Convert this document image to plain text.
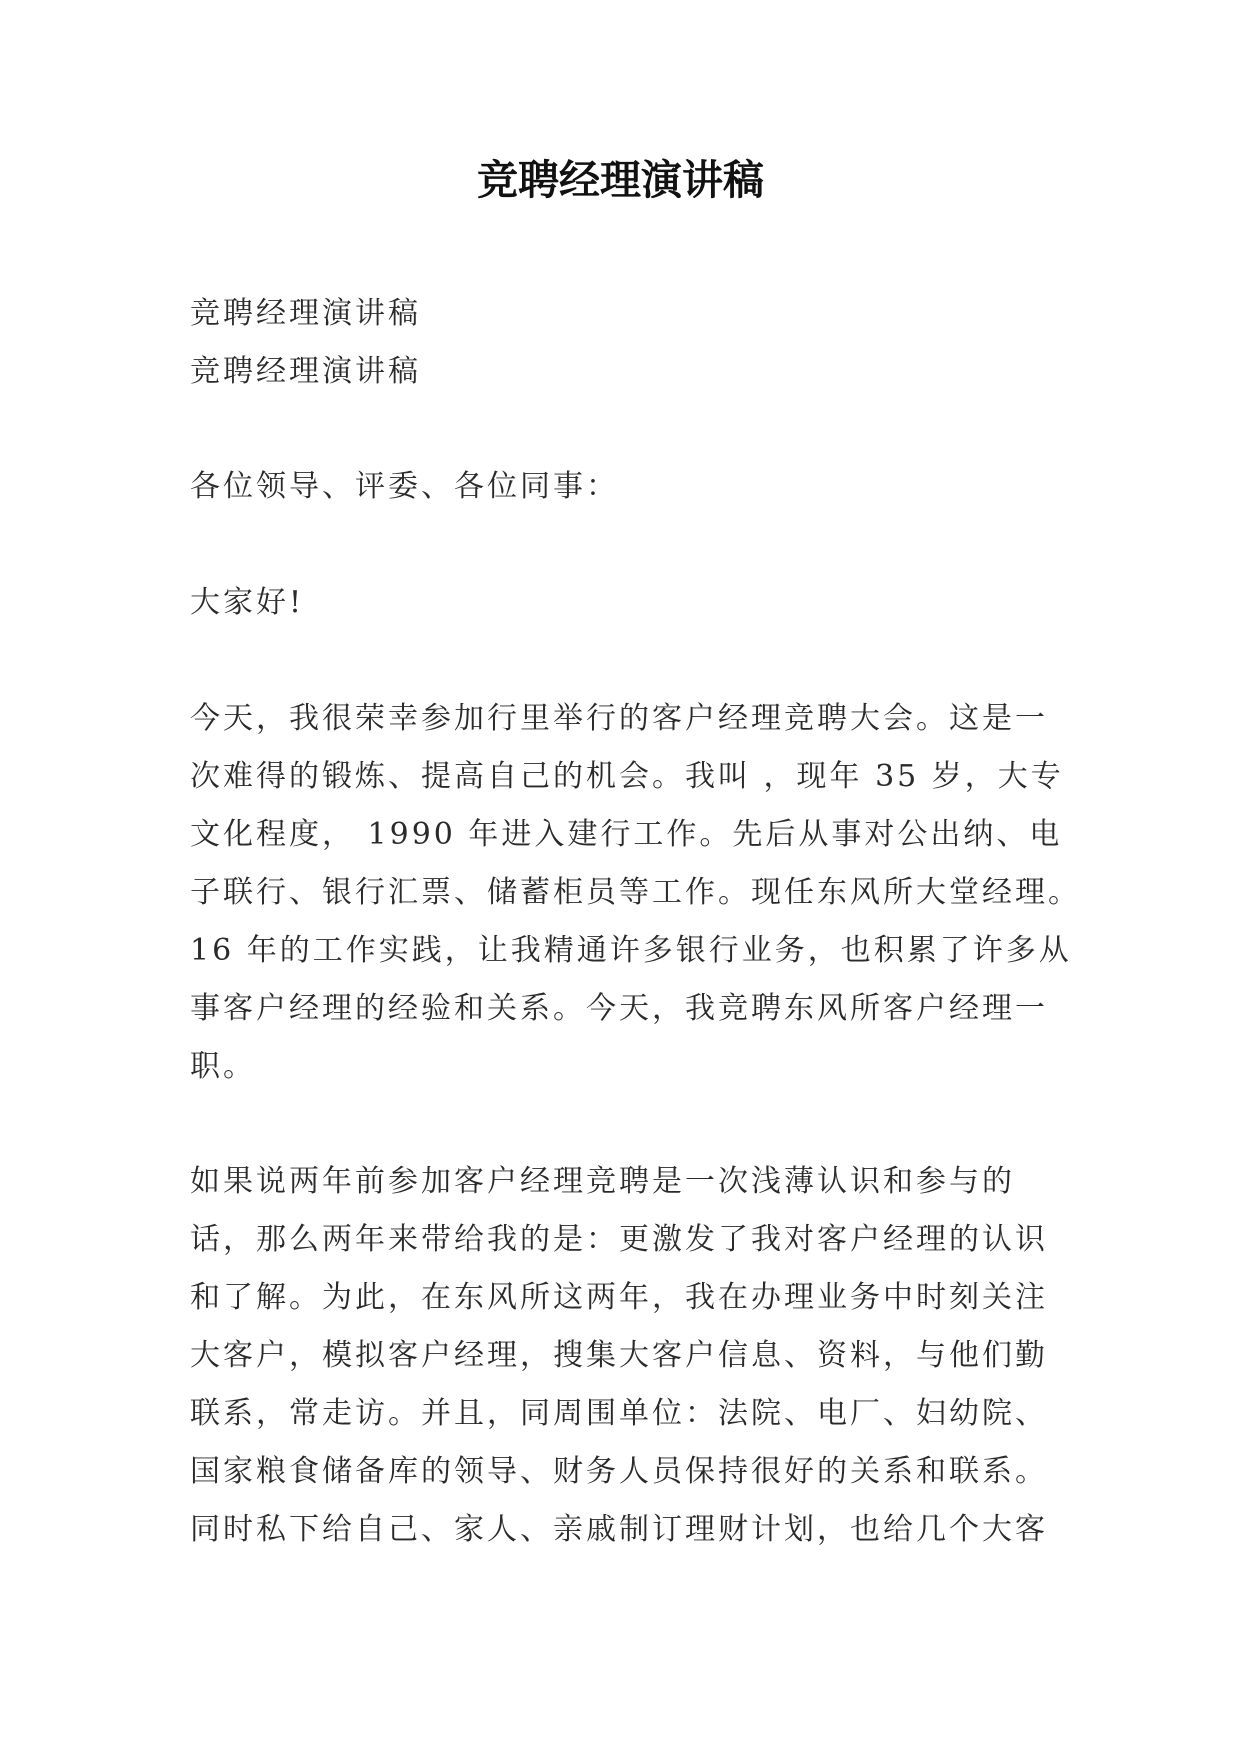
竞聘经理演讲稿
竞聘经理演讲稿
竞聘经理演讲稿
各位领导、评委、各位同事：
大家好!
今天，我很荣幸参加行里举行的客户经理竞聘大会。这是一
次难得的锻炼、提高自己的机会。我叫 ，现年 35 岁，大专
文化程度， 1990 年进入建行工作。先后从事对公出纳、电
子联行、银行汇票、储蓄柜员等工作。现任东风所大堂经理。
16 年的工作实践，让我精通许多银行业务，也积累了许多从
事客户经理的经验和关系。今天，我竞聘东风所客户经理一
职。
如果说两年前参加客户经理竞聘是一次浅薄认识和参与的
话，那么两年来带给我的是：更激发了我对客户经理的认识
和了解。为此，在东风所这两年，我在办理业务中时刻关注
大客户，模拟客户经理，搜集大客户信息、资料，与他们勤
联系，常走访。并且，同周围单位：法院、电厂、妇幼院、
国家粮食储备库的领导、财务人员保持很好的关系和联系。
同时私下给自己、家人、亲戚制订理财计划，也给几个大客
